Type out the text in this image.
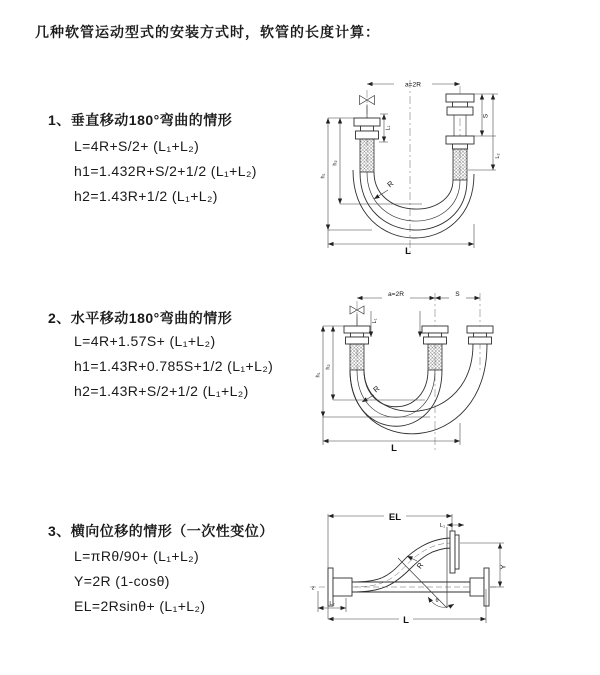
几种软管运动型式的安装方式时，软管的长度计算：
1、垂直移动180°弯曲的情形
L=4R+S/2+ (L₁+L₂)
h1=1.432R+S/2+1/2 (L₁+L₂)
h2=1.43R+1/2 (L₁+L₂)
2、水平移动180°弯曲的情形
L=4R+1.57S+ (L₁+L₂)
h1=1.43R+0.785S+1/2 (L₁+L₂)
h2=1.43R+S/2+1/2 (L₁+L₂)
3、横向位移的情形（一次性变位）
L=πRθ/90+ (L₁+L₂)
Y=2R (1-cosθ)
EL=2Rsinθ+ (L₁+L₂)
a=2R
R
h₁
h₂
L₁
S
L₂
L
a=2R	S
L₁
R
h₁
h₂
L
z
EL
L₁
θ
R	Y
L₂
L
